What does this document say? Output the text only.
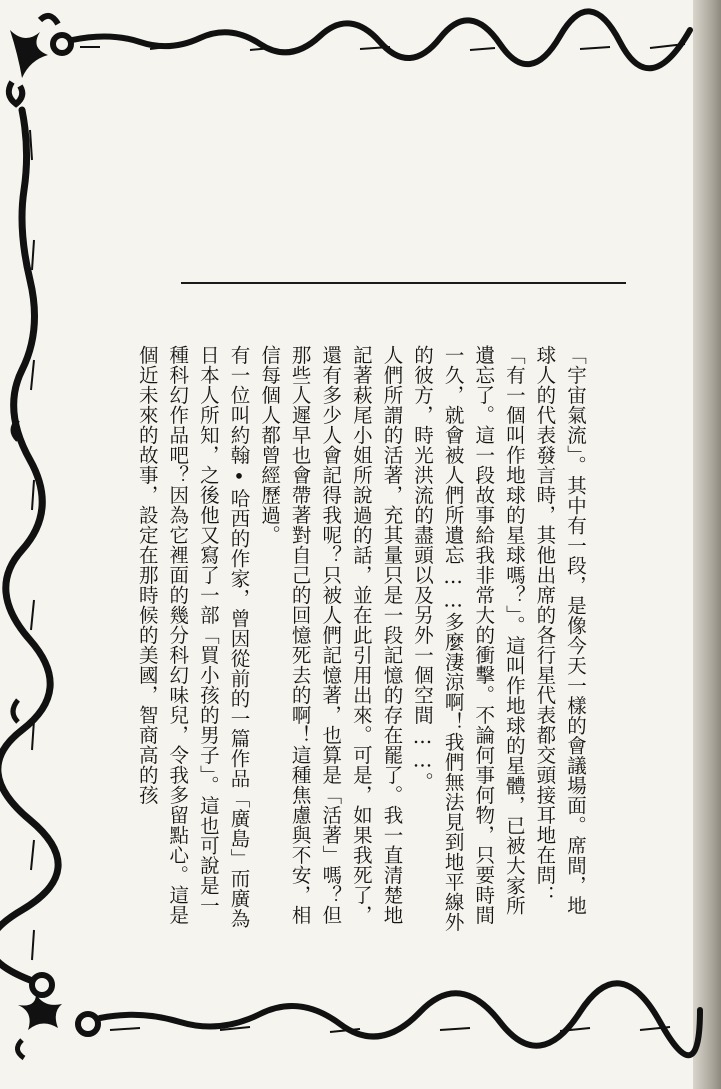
「宇宙氣流」。其中有一段，是像今天一樣的會議場面。席間，地球人的代表發言時，其他出席的各行星代表都交頭接耳地在問：「有一個叫作地球的星球嗎？」。這叫作地球的星體，已被大家所遺忘了。這一段故事給我非常大的衝擊。不論何事何物，只要時間一久，就會被人們所遺忘……多麼淒涼啊！我們無法見到地平線外的彼方，時光洪流的盡頭以及另外一個空間……。

人們所謂的活著，充其量只是一段記憶的存在罷了。我一直清楚地記著萩尾小姐所說過的話，並在此引用出來。可是，如果我死了，還有多少人會記得我呢？只被人們記憶著，也算是「活著」嗎？但那些人遲早也會帶著對自己的回憶死去的啊！這種焦慮與不安，相信每個人都曾經歷過。

有一位叫約翰•哈西的作家，曾因從前的一篇作品「廣島」而廣為日本人所知，之後他又寫了一部「買小孩的男子」。這也可說是一種科幻作品吧？因為它裡面的幾分科幻味兒，令我多留點心。這是個近未來的故事，設定在那時候的美國，智商高的孩
